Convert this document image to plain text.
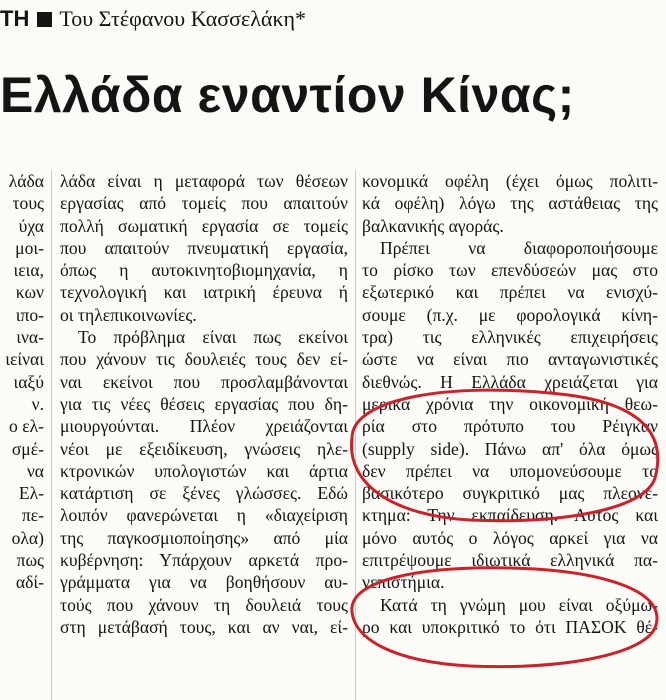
ΤΗ Του Στέφανου Κασσελάκη*
Ελλάδα εναντίον Κίνας;
λάδα
τους
ύχα
μοι-
ιεια,
κων
ιπο-
ινα-
ιείναι
ιαξύ
ν.
ο ελ-
σμέ-
να
Ελ-
πε-
ολα)
πως
αδί-
λάδα είναι η μεταφορά των θέσεων
εργασίας από τομείς που απαιτούν
πολλή σωματική εργασία σε τομείς
που απαιτούν πνευματική εργασία,
όπως η αυτοκινητοβιομηχανία, η
τεχνολογική και ιατρική έρευνα ή
οι τηλεπικοινωνίες.
Το πρόβλημα είναι πως εκείνοι
που χάνουν τις δουλειές τους δεν εί-
ναι εκείνοι που προσλαμβάνονται
για τις νέες θέσεις εργασίας που δη-
μιουργούνται. Πλέον χρειάζονται
νέοι με εξειδίκευση, γνώσεις ηλε-
κτρονικών υπολογιστών και άρτια
κατάρτιση σε ξένες γλώσσες. Εδώ
λοιπόν φανερώνεται η «διαχείριση
της παγκοσμιοποίησης» από μία
κυβέρνηση: Υπάρχουν αρκετά προ-
γράμματα για να βοηθήσουν αυ-
τούς που χάνουν τη δουλειά τους
στη μετάβασή τους, και αν ναι, εί-
κονομικά οφέλη (έχει όμως πολιτι-
κά οφέλη) λόγω της αστάθειας της
βαλκανικής αγοράς.
Πρέπει να διαφοροποιήσουμε
το ρίσκο των επενδύσεών μας στο
εξωτερικό και πρέπει να ενισχύ-
σουμε (π.χ. με φορολογικά κίνη-
τρα) τις ελληνικές επιχειρήσεις
ώστε να είναι πιο ανταγωνιστικές
διεθνώς. Η Ελλάδα χρειάζεται για
μερικά χρόνια την οικονομική θεω-
ρία στο πρότυπο του Ρέιγκαν
(supply side). Πάνω απ' όλα όμως
δεν πρέπει να υπομονεύσουμε το
βασικότερο συγκριτικό μας πλεονέ-
κτημα: Την εκπαίδευση. Αυτός και
μόνο αυτός ο λόγος αρκεί για να
επιτρέψουμε ιδιωτικά ελληνικά πα-
νεπιστήμια.
Κατά τη γνώμη μου είναι οξύμω-
ρο και υποκριτικό το ότι ΠΑΣΟΚ θέ-
